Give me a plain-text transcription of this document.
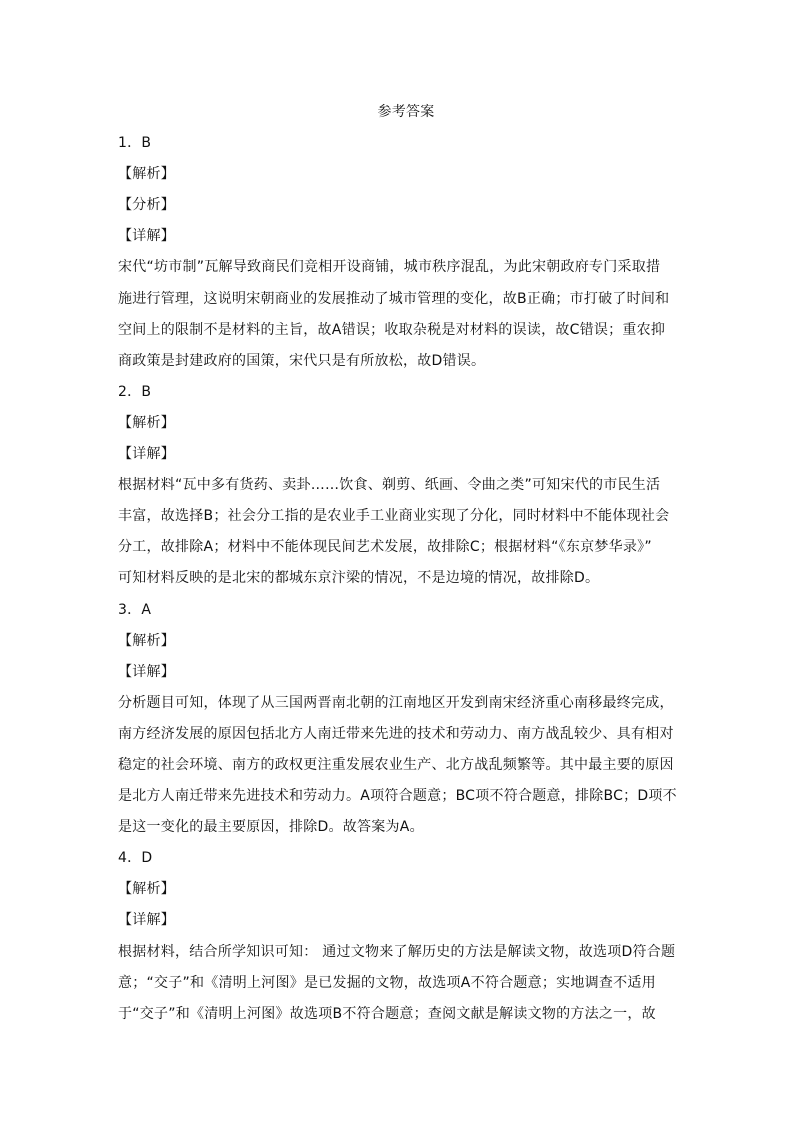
参考答案
1．B
【解析】
【分析】
【详解】
宋代“坊市制”瓦解导致商民们竞相开设商铺，城市秩序混乱，为此宋朝政府专门采取措
施进行管理，这说明宋朝商业的发展推动了城市管理的变化，故B正确；市打破了时间和
空间上的限制不是材料的主旨，故A错误；收取杂税是对材料的误读，故C错误；重农抑
商政策是封建政府的国策，宋代只是有所放松，故D错误。
2．B
【解析】
【详解】
根据材料“瓦中多有货药、卖卦……饮食、剃剪、纸画、令曲之类”可知宋代的市民生活
丰富，故选择B；社会分工指的是农业手工业商业实现了分化，同时材料中不能体现社会
分工，故排除A；材料中不能体现民间艺术发展，故排除C；根据材料“《东京梦华录》”
可知材料反映的是北宋的都城东京汴梁的情况，不是边境的情况，故排除D。
3．A
【解析】
【详解】
分析题目可知，体现了从三国两晋南北朝的江南地区开发到南宋经济重心南移最终完成，
南方经济发展的原因包括北方人南迁带来先进的技术和劳动力、南方战乱较少、具有相对
稳定的社会环境、南方的政权更注重发展农业生产、北方战乱频繁等。其中最主要的原因
是北方人南迁带来先进技术和劳动力。A项符合题意；BC项不符合题意，排除BC；D项不
是这一变化的最主要原因，排除D。故答案为A。
4．D
【解析】
【详解】
根据材料，结合所学知识可知： 通过文物来了解历史的方法是解读文物，故选项D符合题
意；“交子”和《清明上河图》是已发掘的文物，故选项A不符合题意；实地调查不适用
于“交子”和《清明上河图》故选项B不符合题意；查阅文献是解读文物的方法之一，故
